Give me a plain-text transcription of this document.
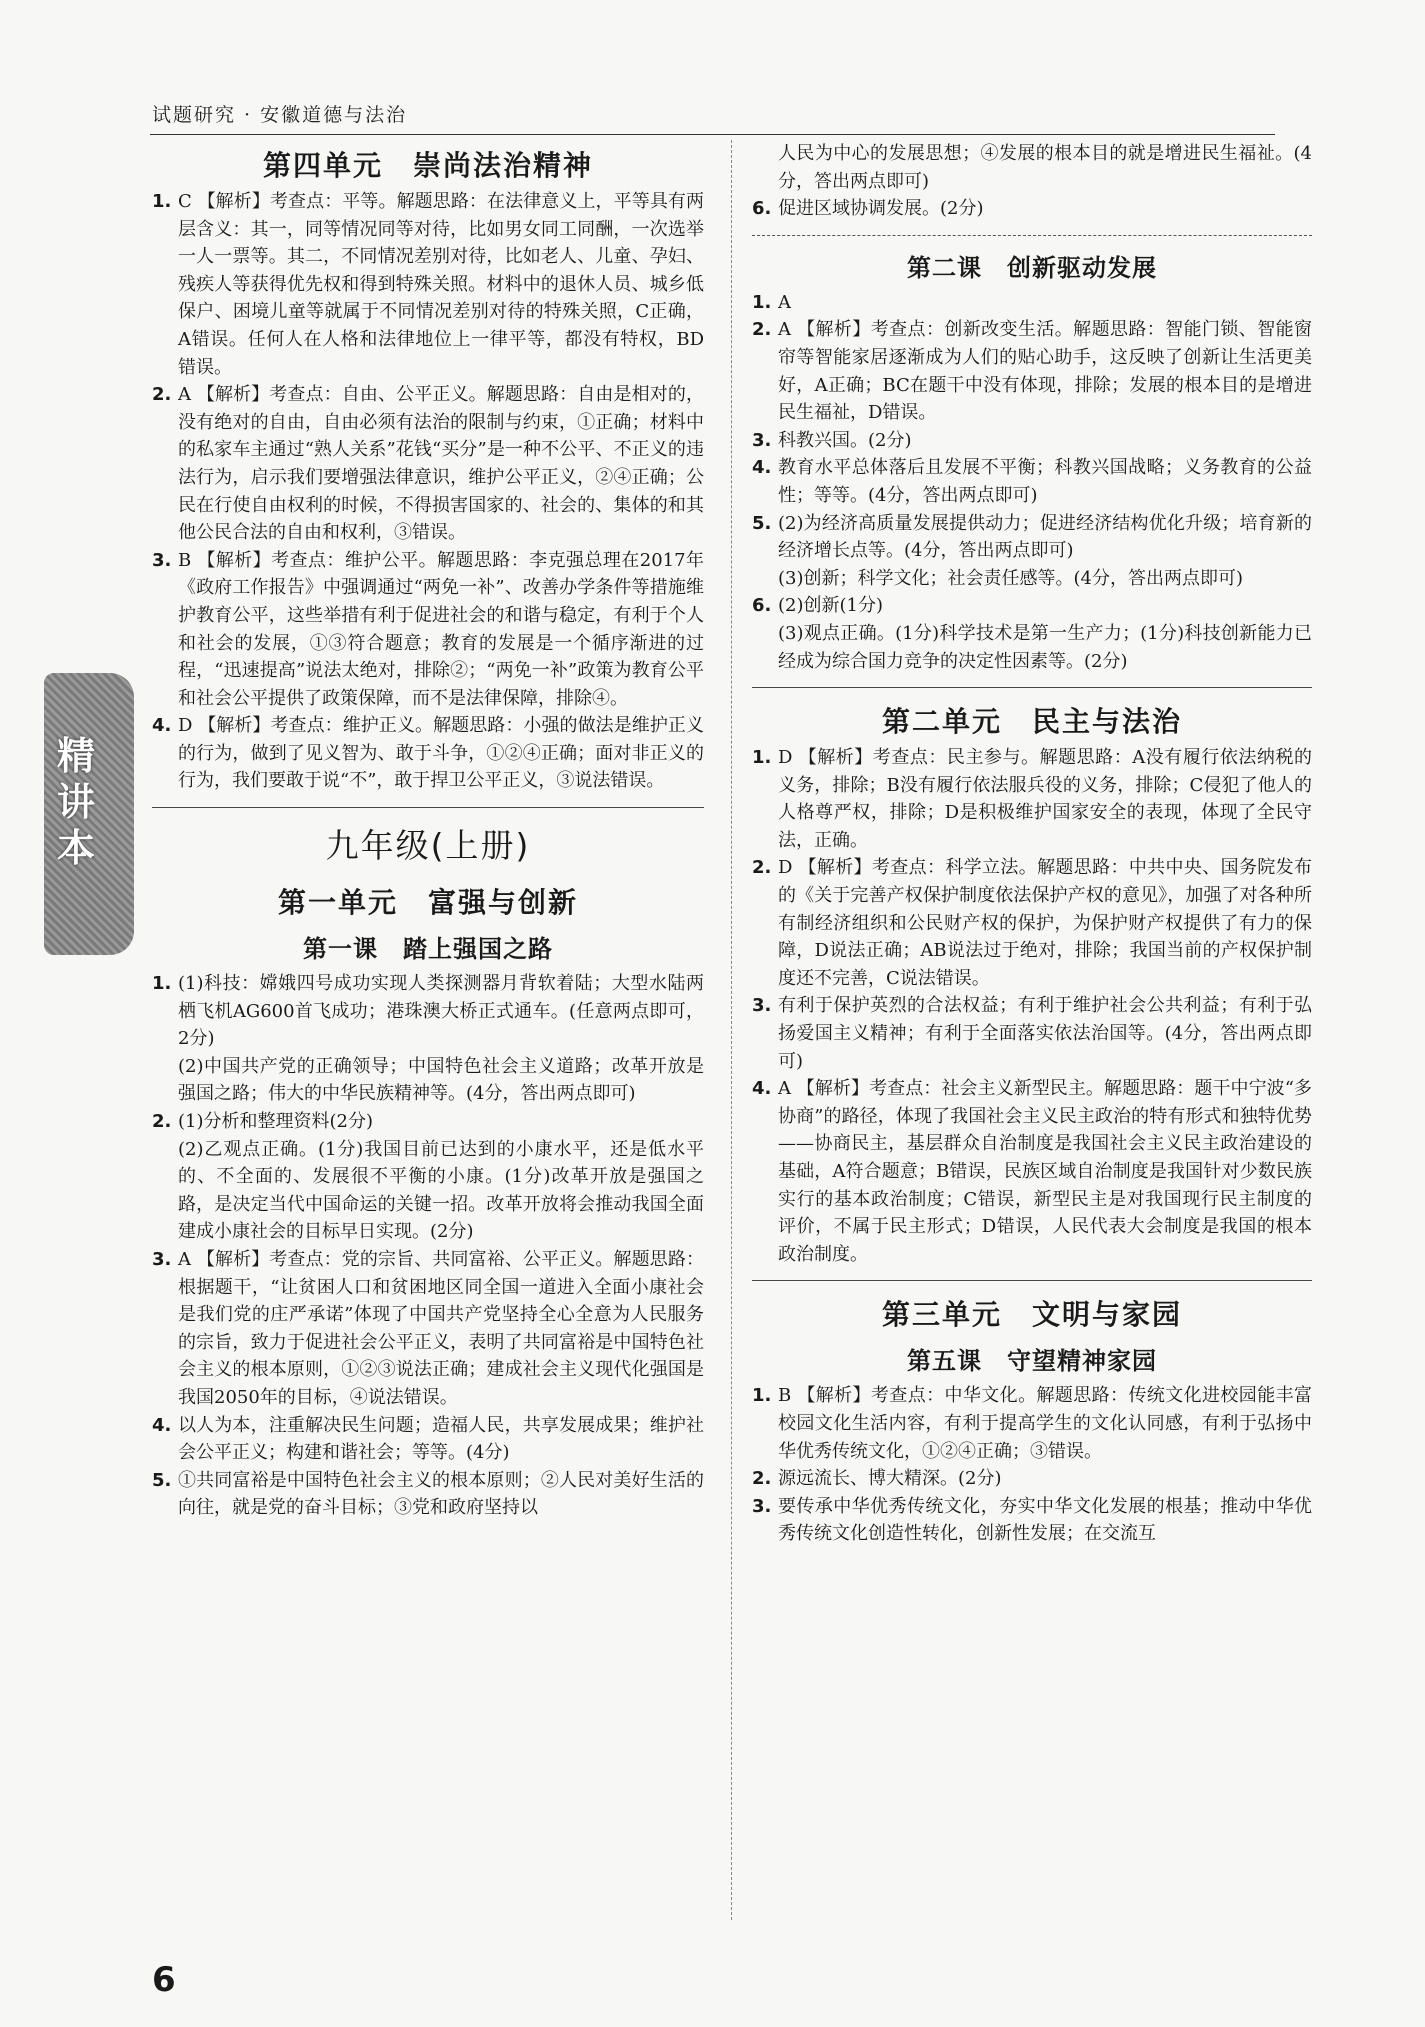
试题研究 · 安徽道德与法治
精讲本
6
第四单元　崇尚法治精神
1. C 【解析】考查点：平等。解题思路：在法律意义上，平等具有两层含义：其一，同等情况同等对待，比如男女同工同酬，一次选举一人一票等。其二，不同情况差别对待，比如老人、儿童、孕妇、残疾人等获得优先权和得到特殊关照。材料中的退休人员、城乡低保户、困境儿童等就属于不同情况差别对待的特殊关照，C正确，A错误。任何人在人格和法律地位上一律平等，都没有特权，BD错误。

2. A 【解析】考查点：自由、公平正义。解题思路：自由是相对的，没有绝对的自由，自由必须有法治的限制与约束，①正确；材料中的私家车主通过“熟人关系”花钱“买分”是一种不公平、不正义的违法行为，启示我们要增强法律意识，维护公平正义，②④正确；公民在行使自由权利的时候，不得损害国家的、社会的、集体的和其他公民合法的自由和权利，③错误。

3. B 【解析】考查点：维护公平。解题思路：李克强总理在2017年《政府工作报告》中强调通过“两免一补”、改善办学条件等措施维护教育公平，这些举措有利于促进社会的和谐与稳定，有利于个人和社会的发展，①③符合题意；教育的发展是一个循序渐进的过程，“迅速提高”说法太绝对，排除②；“两免一补”政策为教育公平和社会公平提供了政策保障，而不是法律保障，排除④。

4. D 【解析】考查点：维护正义。解题思路：小强的做法是维护正义的行为，做到了见义智为、敢于斗争，①②④正确；面对非正义的行为，我们要敢于说“不”，敢于捍卫公平正义，③说法错误。

九年级(上册)
第一单元　富强与创新
第一课　踏上强国之路
1. (1)科技：嫦娥四号成功实现人类探测器月背软着陆；大型水陆两栖飞机AG600首飞成功；港珠澳大桥正式通车。(任意两点即可，2分)

(2)中国共产党的正确领导；中国特色社会主义道路；改革开放是强国之路；伟大的中华民族精神等。(4分，答出两点即可)

2. (1)分析和整理资料(2分)

(2)乙观点正确。(1分)我国目前已达到的小康水平，还是低水平的、不全面的、发展很不平衡的小康。(1分)改革开放是强国之路，是决定当代中国命运的关键一招。改革开放将会推动我国全面建成小康社会的目标早日实现。(2分)

3. A 【解析】考查点：党的宗旨、共同富裕、公平正义。解题思路：根据题干，“让贫困人口和贫困地区同全国一道进入全面小康社会是我们党的庄严承诺”体现了中国共产党坚持全心全意为人民服务的宗旨，致力于促进社会公平正义，表明了共同富裕是中国特色社会主义的根本原则，①②③说法正确；建成社会主义现代化强国是我国2050年的目标，④说法错误。

4. 以人为本，注重解决民生问题；造福人民，共享发展成果；维护社会公平正义；构建和谐社会；等等。(4分)

5. ①共同富裕是中国特色社会主义的根本原则；②人民对美好生活的向往，就是党的奋斗目标；③党和政府坚持以

人民为中心的发展思想；④发展的根本目的就是增进民生福祉。(4分，答出两点即可)

6. 促进区域协调发展。(2分)

第二课　创新驱动发展
1. A

2. A 【解析】考查点：创新改变生活。解题思路：智能门锁、智能窗帘等智能家居逐渐成为人们的贴心助手，这反映了创新让生活更美好，A正确；BC在题干中没有体现，排除；发展的根本目的是增进民生福祉，D错误。

3. 科教兴国。(2分)

4. 教育水平总体落后且发展不平衡；科教兴国战略；义务教育的公益性；等等。(4分，答出两点即可)

5. (2)为经济高质量发展提供动力；促进经济结构优化升级；培育新的经济增长点等。(4分，答出两点即可)

(3)创新；科学文化；社会责任感等。(4分，答出两点即可)

6. (2)创新(1分)

(3)观点正确。(1分)科学技术是第一生产力；(1分)科技创新能力已经成为综合国力竞争的决定性因素等。(2分)

第二单元　民主与法治
1. D 【解析】考查点：民主参与。解题思路：A没有履行依法纳税的义务，排除；B没有履行依法服兵役的义务，排除；C侵犯了他人的人格尊严权，排除；D是积极维护国家安全的表现，体现了全民守法，正确。

2. D 【解析】考查点：科学立法。解题思路：中共中央、国务院发布的《关于完善产权保护制度依法保护产权的意见》，加强了对各种所有制经济组织和公民财产权的保护，为保护财产权提供了有力的保障，D说法正确；AB说法过于绝对，排除；我国当前的产权保护制度还不完善，C说法错误。

3. 有利于保护英烈的合法权益；有利于维护社会公共利益；有利于弘扬爱国主义精神；有利于全面落实依法治国等。(4分，答出两点即可)

4. A 【解析】考查点：社会主义新型民主。解题思路：题干中宁波“多协商”的路径，体现了我国社会主义民主政治的特有形式和独特优势——协商民主，基层群众自治制度是我国社会主义民主政治建设的基础，A符合题意；B错误，民族区域自治制度是我国针对少数民族实行的基本政治制度；C错误，新型民主是对我国现行民主制度的评价，不属于民主形式；D错误，人民代表大会制度是我国的根本政治制度。

第三单元　文明与家园
第五课　守望精神家园
1. B 【解析】考查点：中华文化。解题思路：传统文化进校园能丰富校园文化生活内容，有利于提高学生的文化认同感，有利于弘扬中华优秀传统文化，①②④正确；③错误。

2. 源远流长、博大精深。(2分)

3. 要传承中华优秀传统文化，夯实中华文化发展的根基；推动中华优秀传统文化创造性转化，创新性发展；在交流互
